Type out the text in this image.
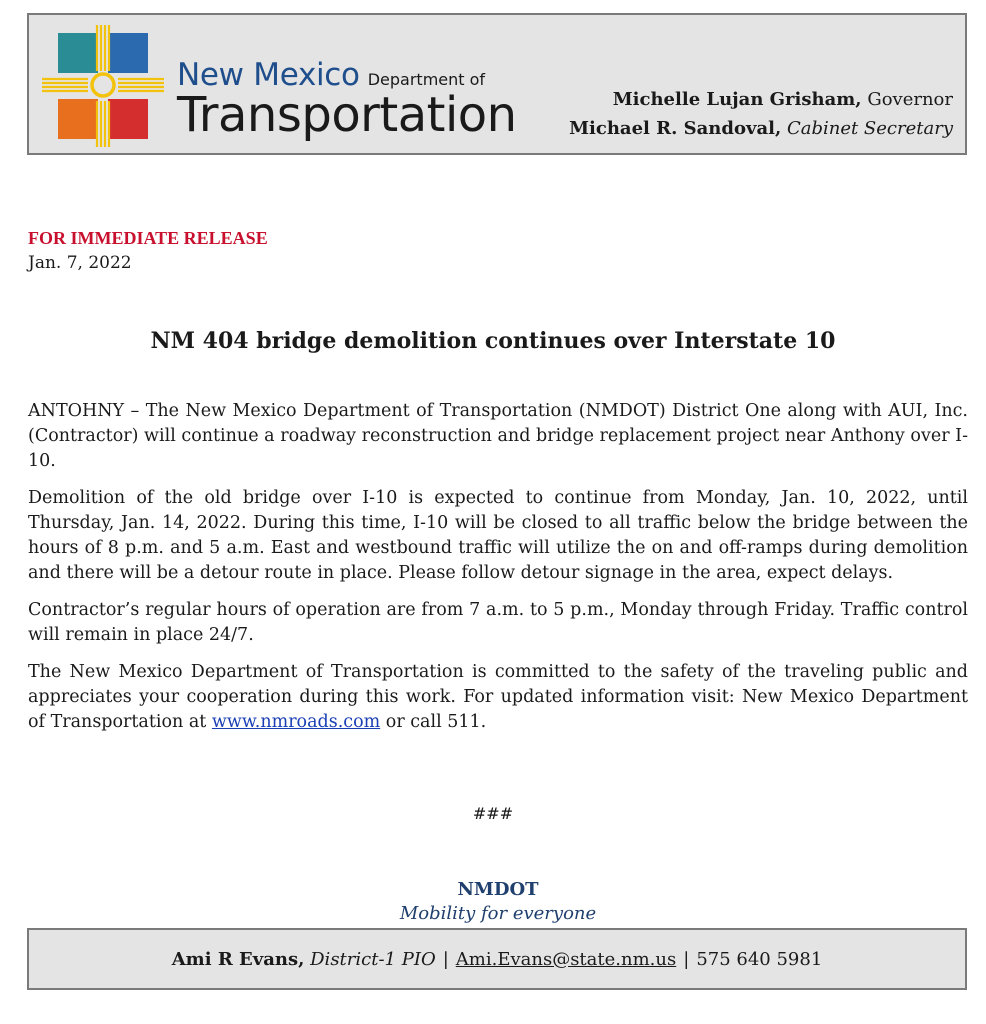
New Mexico Department of
Transportation	Michelle Lujan Grisham, Governor
Michael R. Sandoval, Cabinet Secretary
FOR IMMEDIATE RELEASE
Jan. 7, 2022
NM 404 bridge demolition continues over Interstate 10

ANTOHNY – The New Mexico Department of Transportation (NMDOT) District One along with AUI, Inc. (Contractor) will continue a roadway reconstruction and bridge replacement project near Anthony over I-10.

Demolition of the old bridge over I-10 is expected to continue from Monday, Jan. 10, 2022, until Thursday, Jan. 14, 2022. During this time, I-10 will be closed to all traffic below the bridge between the hours of 8 p.m. and 5 a.m. East and westbound traffic will utilize the on and off-ramps during demolition and there will be a detour route in place. Please follow detour signage in the area, expect delays.

Contractor’s regular hours of operation are from 7 a.m. to 5 p.m., Monday through Friday. Traffic control will remain in place 24/7.

The New Mexico Department of Transportation is committed to the safety of the traveling public and appreciates your cooperation during this work. For updated information visit: New Mexico Department of Transportation at www.nmroads.com or call 511.

###
NMDOT
Mobility for everyone
Ami R Evans,
District-1 PIO | Ami.Evans@state.nm.us | 575 640 5981
